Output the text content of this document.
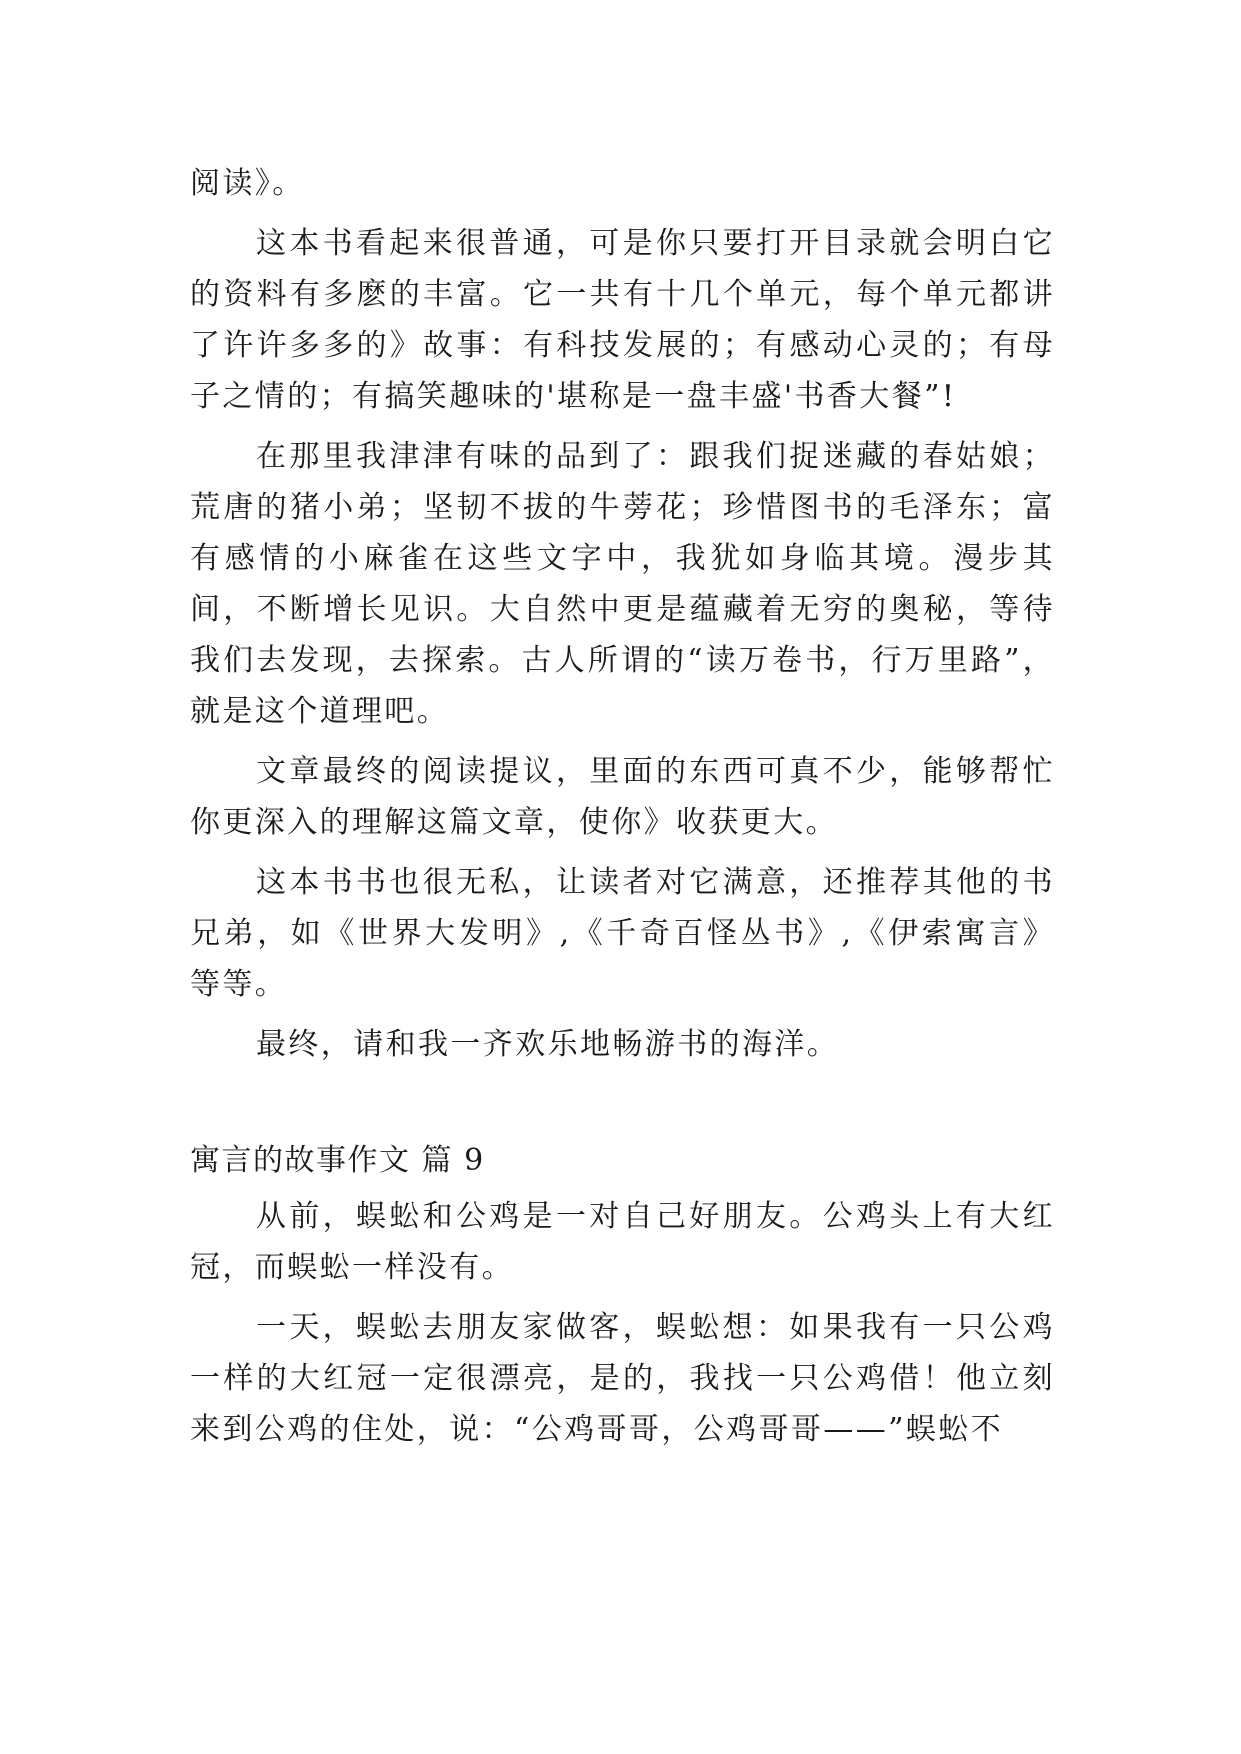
阅读》。

这本书看起来很普通，可是你只要打开目录就会明白它的资料有多麽的丰富。它一共有十几个单元，每个单元都讲了许许多多的》故事：有科技发展的；有感动心灵的；有母子之情的；有搞笑趣味的'堪称是一盘丰盛'书香大餐”!

在那里我津津有味的品到了：跟我们捉迷藏的春姑娘；荒唐的猪小弟；坚韧不拔的牛蒡花；珍惜图书的毛泽东；富有感情的小麻雀在这些文字中，我犹如身临其境。漫步其间，不断增长见识。大自然中更是蕴藏着无穷的奥秘，等待我们去发现，去探索。古人所谓的“读万卷书，行万里路”，就是这个道理吧。

文章最终的阅读提议，里面的东西可真不少，能够帮忙你更深入的理解这篇文章，使你》收获更大。

这本书书也很无私，让读者对它满意，还推荐其他的书兄弟，如《世界大发明》,《千奇百怪丛书》,《伊索寓言》等等。

最终，请和我一齐欢乐地畅游书的海洋。

寓言的故事作文 篇 9

从前，蜈蚣和公鸡是一对自己好朋友。公鸡头上有大红冠，而蜈蚣一样没有。

一天，蜈蚣去朋友家做客，蜈蚣想：如果我有一只公鸡一样的大红冠一定很漂亮，是的，我找一只公鸡借！他立刻来到公鸡的住处，说：“公鸡哥哥，公鸡哥哥——”蜈蚣不
